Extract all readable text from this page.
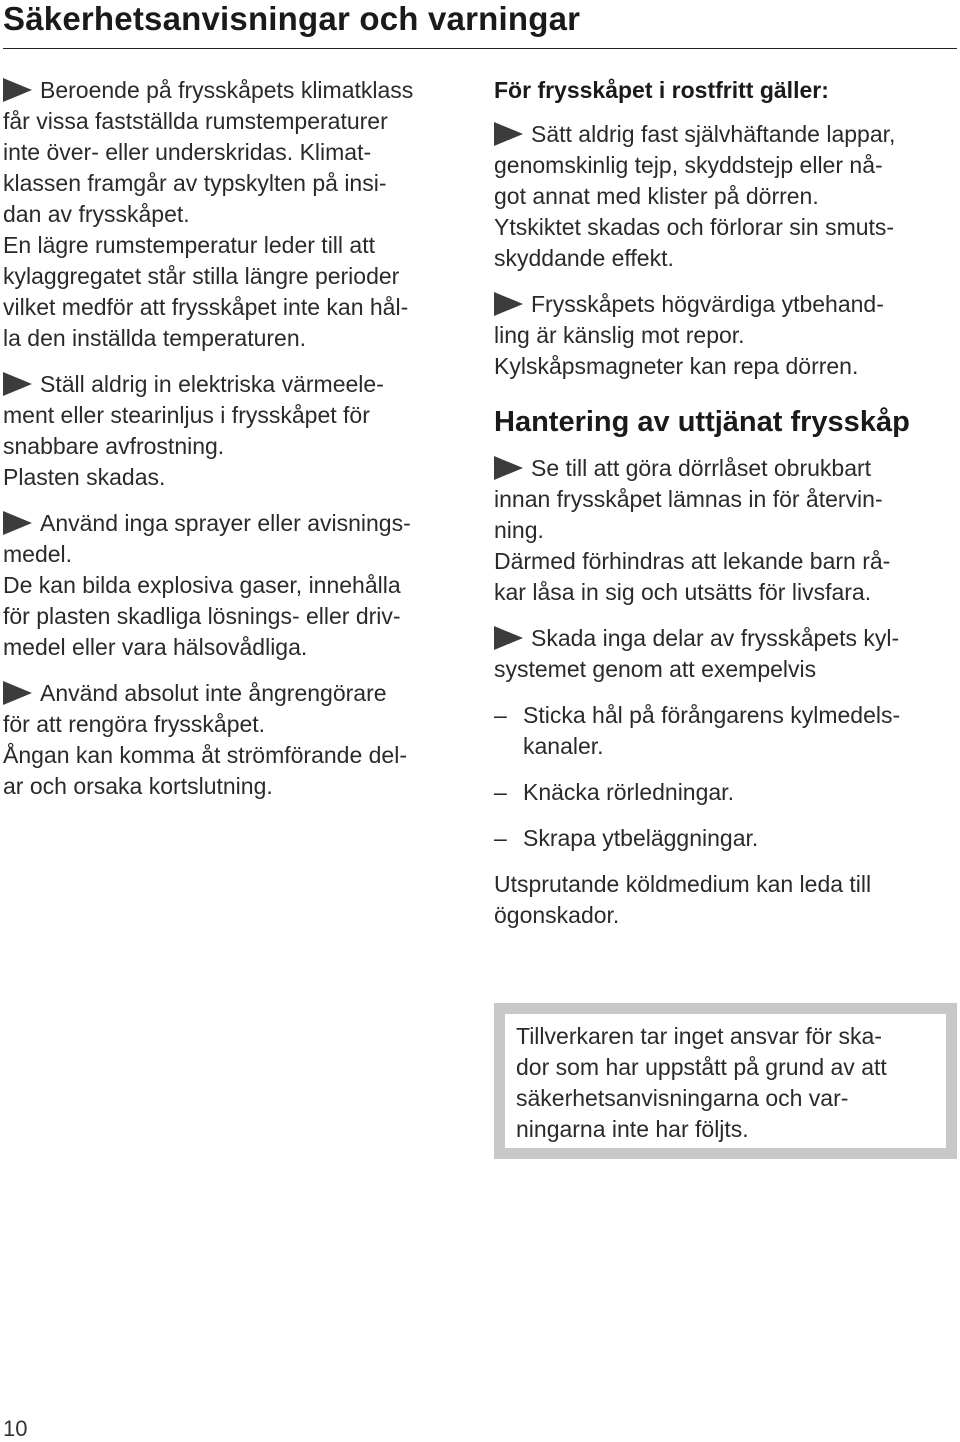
Säkerhetsanvisningar och varningar

Beroende på frysskåpets klimatklass
får vissa fastställda rumstemperaturer
inte över- eller underskridas. Klimat-
klassen framgår av typskylten på insi-
dan av frysskåpet.
En lägre rumstemperatur leder till att
kylaggregatet står stilla längre perioder
vilket medför att frysskåpet inte kan hål-
la den inställda temperaturen.

Ställ aldrig in elektriska värmeele-
ment eller stearinljus i frysskåpet för
snabbare avfrostning.
Plasten skadas.

Använd inga sprayer eller avisnings-
medel.
De kan bilda explosiva gaser, innehålla
för plasten skadliga lösnings- eller driv-
medel eller vara hälsovådliga.

Använd absolut inte ångrengörare
för att rengöra frysskåpet.
Ångan kan komma åt strömförande del-
ar och orsaka kortslutning.

För frysskåpet i rostfritt gäller:

Sätt aldrig fast självhäftande lappar,
genomskinlig tejp, skyddstejp eller nå-
got annat med klister på dörren.
Ytskiktet skadas och förlorar sin smuts-
skyddande effekt.

Frysskåpets högvärdiga ytbehand-
ling är känslig mot repor.
Kylskåpsmagneter kan repa dörren.

Hantering av uttjänat frysskåp

Se till att göra dörrlåset obrukbart
innan frysskåpet lämnas in för återvin-
ning.
Därmed förhindras att lekande barn rå-
kar låsa in sig och utsätts för livsfara.

Skada inga delar av frysskåpets kyl-
systemet genom att exempelvis

– Sticka hål på förångarens kylmedels-
kanaler.

– Knäcka rörledningar.

– Skrapa ytbeläggningar.

Utsprutande köldmedium kan leda till
ögonskador.

Tillverkaren tar inget ansvar för ska-
dor som har uppstått på grund av att
säkerhetsanvisningarna och var-
ningarna inte har följts.
10
